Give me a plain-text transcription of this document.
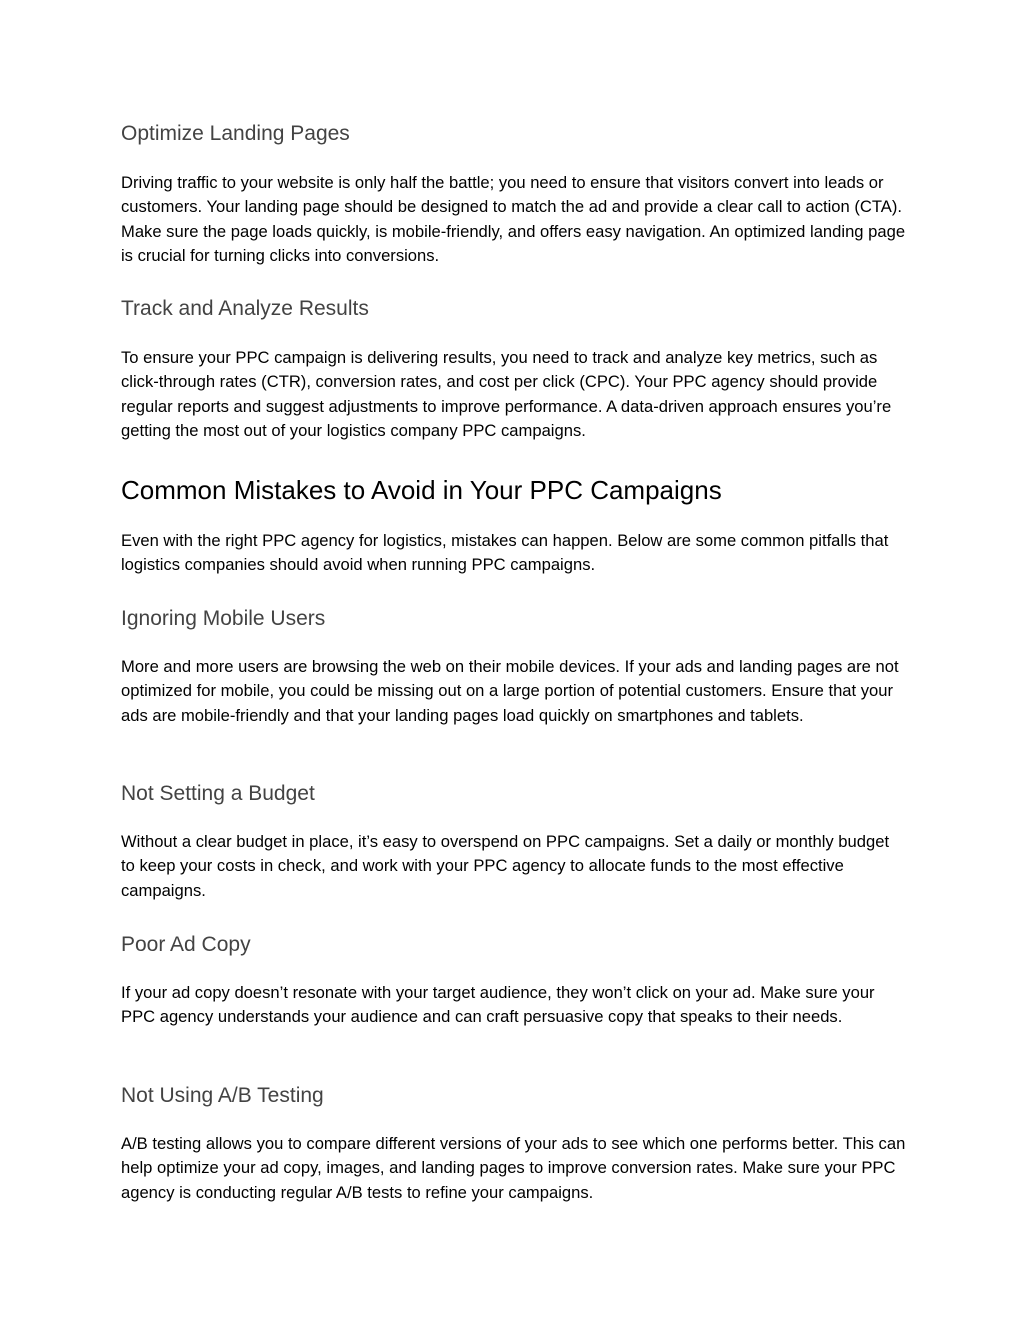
Optimize Landing Pages

Driving traffic to your website is only half the battle; you need to ensure that visitors convert into leads or customers. Your landing page should be designed to match the ad and provide a clear call to action (CTA). Make sure the page loads quickly, is mobile-friendly, and offers easy navigation. An optimized landing page is crucial for turning clicks into conversions.

Track and Analyze Results

To ensure your PPC campaign is delivering results, you need to track and analyze key metrics, such as click-through rates (CTR), conversion rates, and cost per click (CPC). Your PPC agency should provide regular reports and suggest adjustments to improve performance. A data-driven approach ensures you’re getting the most out of your logistics company PPC campaigns.

Common Mistakes to Avoid in Your PPC Campaigns

Even with the right PPC agency for logistics, mistakes can happen. Below are some common pitfalls that logistics companies should avoid when running PPC campaigns.

Ignoring Mobile Users

More and more users are browsing the web on their mobile devices. If your ads and landing pages are not optimized for mobile, you could be missing out on a large portion of potential customers. Ensure that your ads are mobile-friendly and that your landing pages load quickly on smartphones and tablets.

Not Setting a Budget

Without a clear budget in place, it’s easy to overspend on PPC campaigns. Set a daily or monthly budget to keep your costs in check, and work with your PPC agency to allocate funds to the most effective campaigns.

Poor Ad Copy

If your ad copy doesn’t resonate with your target audience, they won’t click on your ad. Make sure your PPC agency understands your audience and can craft persuasive copy that speaks to their needs.

Not Using A/B Testing

A/B testing allows you to compare different versions of your ads to see which one performs better. This can help optimize your ad copy, images, and landing pages to improve conversion rates. Make sure your PPC agency is conducting regular A/B tests to refine your campaigns.
